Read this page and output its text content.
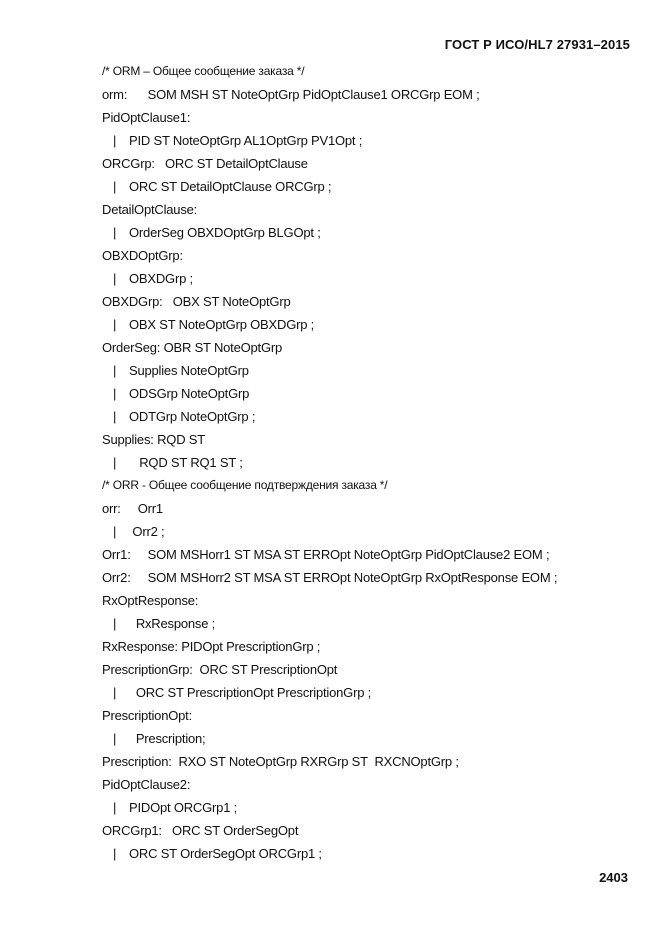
ГОСТ Р ИСО/HL7 27931–2015
/* ORM – Общее сообщение заказа */
orm:      SOM MSH ST NoteOptGrp PidOptClause1 ORCGrp EOM ;
PidOptClause1:
| PID ST NoteOptGrp AL1OptGrp PV1Opt ;
ORCGrp:   ORC ST DetailOptClause
| ORC ST DetailOptClause ORCGrp ;
DetailOptClause:
| OrderSeg OBXDOptGrp BLGOpt ;
OBXDOptGrp:
| OBXDGrp ;
OBXDGrp:   OBX ST NoteOptGrp
| OBX ST NoteOptGrp OBXDGrp ;
OrderSeg: OBR ST NoteOptGrp
| Supplies NoteOptGrp
| ODSGrp NoteOptGrp
| ODTGrp NoteOptGrp ;
Supplies: RQD ST
|   RQD ST RQ1 ST ;
/* ORR - Общее сообщение подтверждения заказа */
orr:     Orr1
| Orr2 ;
Orr1:     SOM MSHorr1 ST MSA ST ERROpt NoteOptGrp PidOptClause2 EOM ;
Orr2:     SOM MSHorr2 ST MSA ST ERROpt NoteOptGrp RxOptResponse EOM ;
RxOptResponse:
|  RxResponse ;
RxResponse: PIDOpt PrescriptionGrp ;
PrescriptionGrp:  ORC ST PrescriptionOpt
|  ORC ST PrescriptionOpt PrescriptionGrp ;
PrescriptionOpt:
|  Prescription;
Prescription:  RXO ST NoteOptGrp RXRGrp ST  RXCNOptGrp ;
PidOptClause2:
| PIDOpt ORCGrp1 ;
ORCGrp1:   ORC ST OrderSegOpt
| ORC ST OrderSegOpt ORCGrp1 ;
2403
